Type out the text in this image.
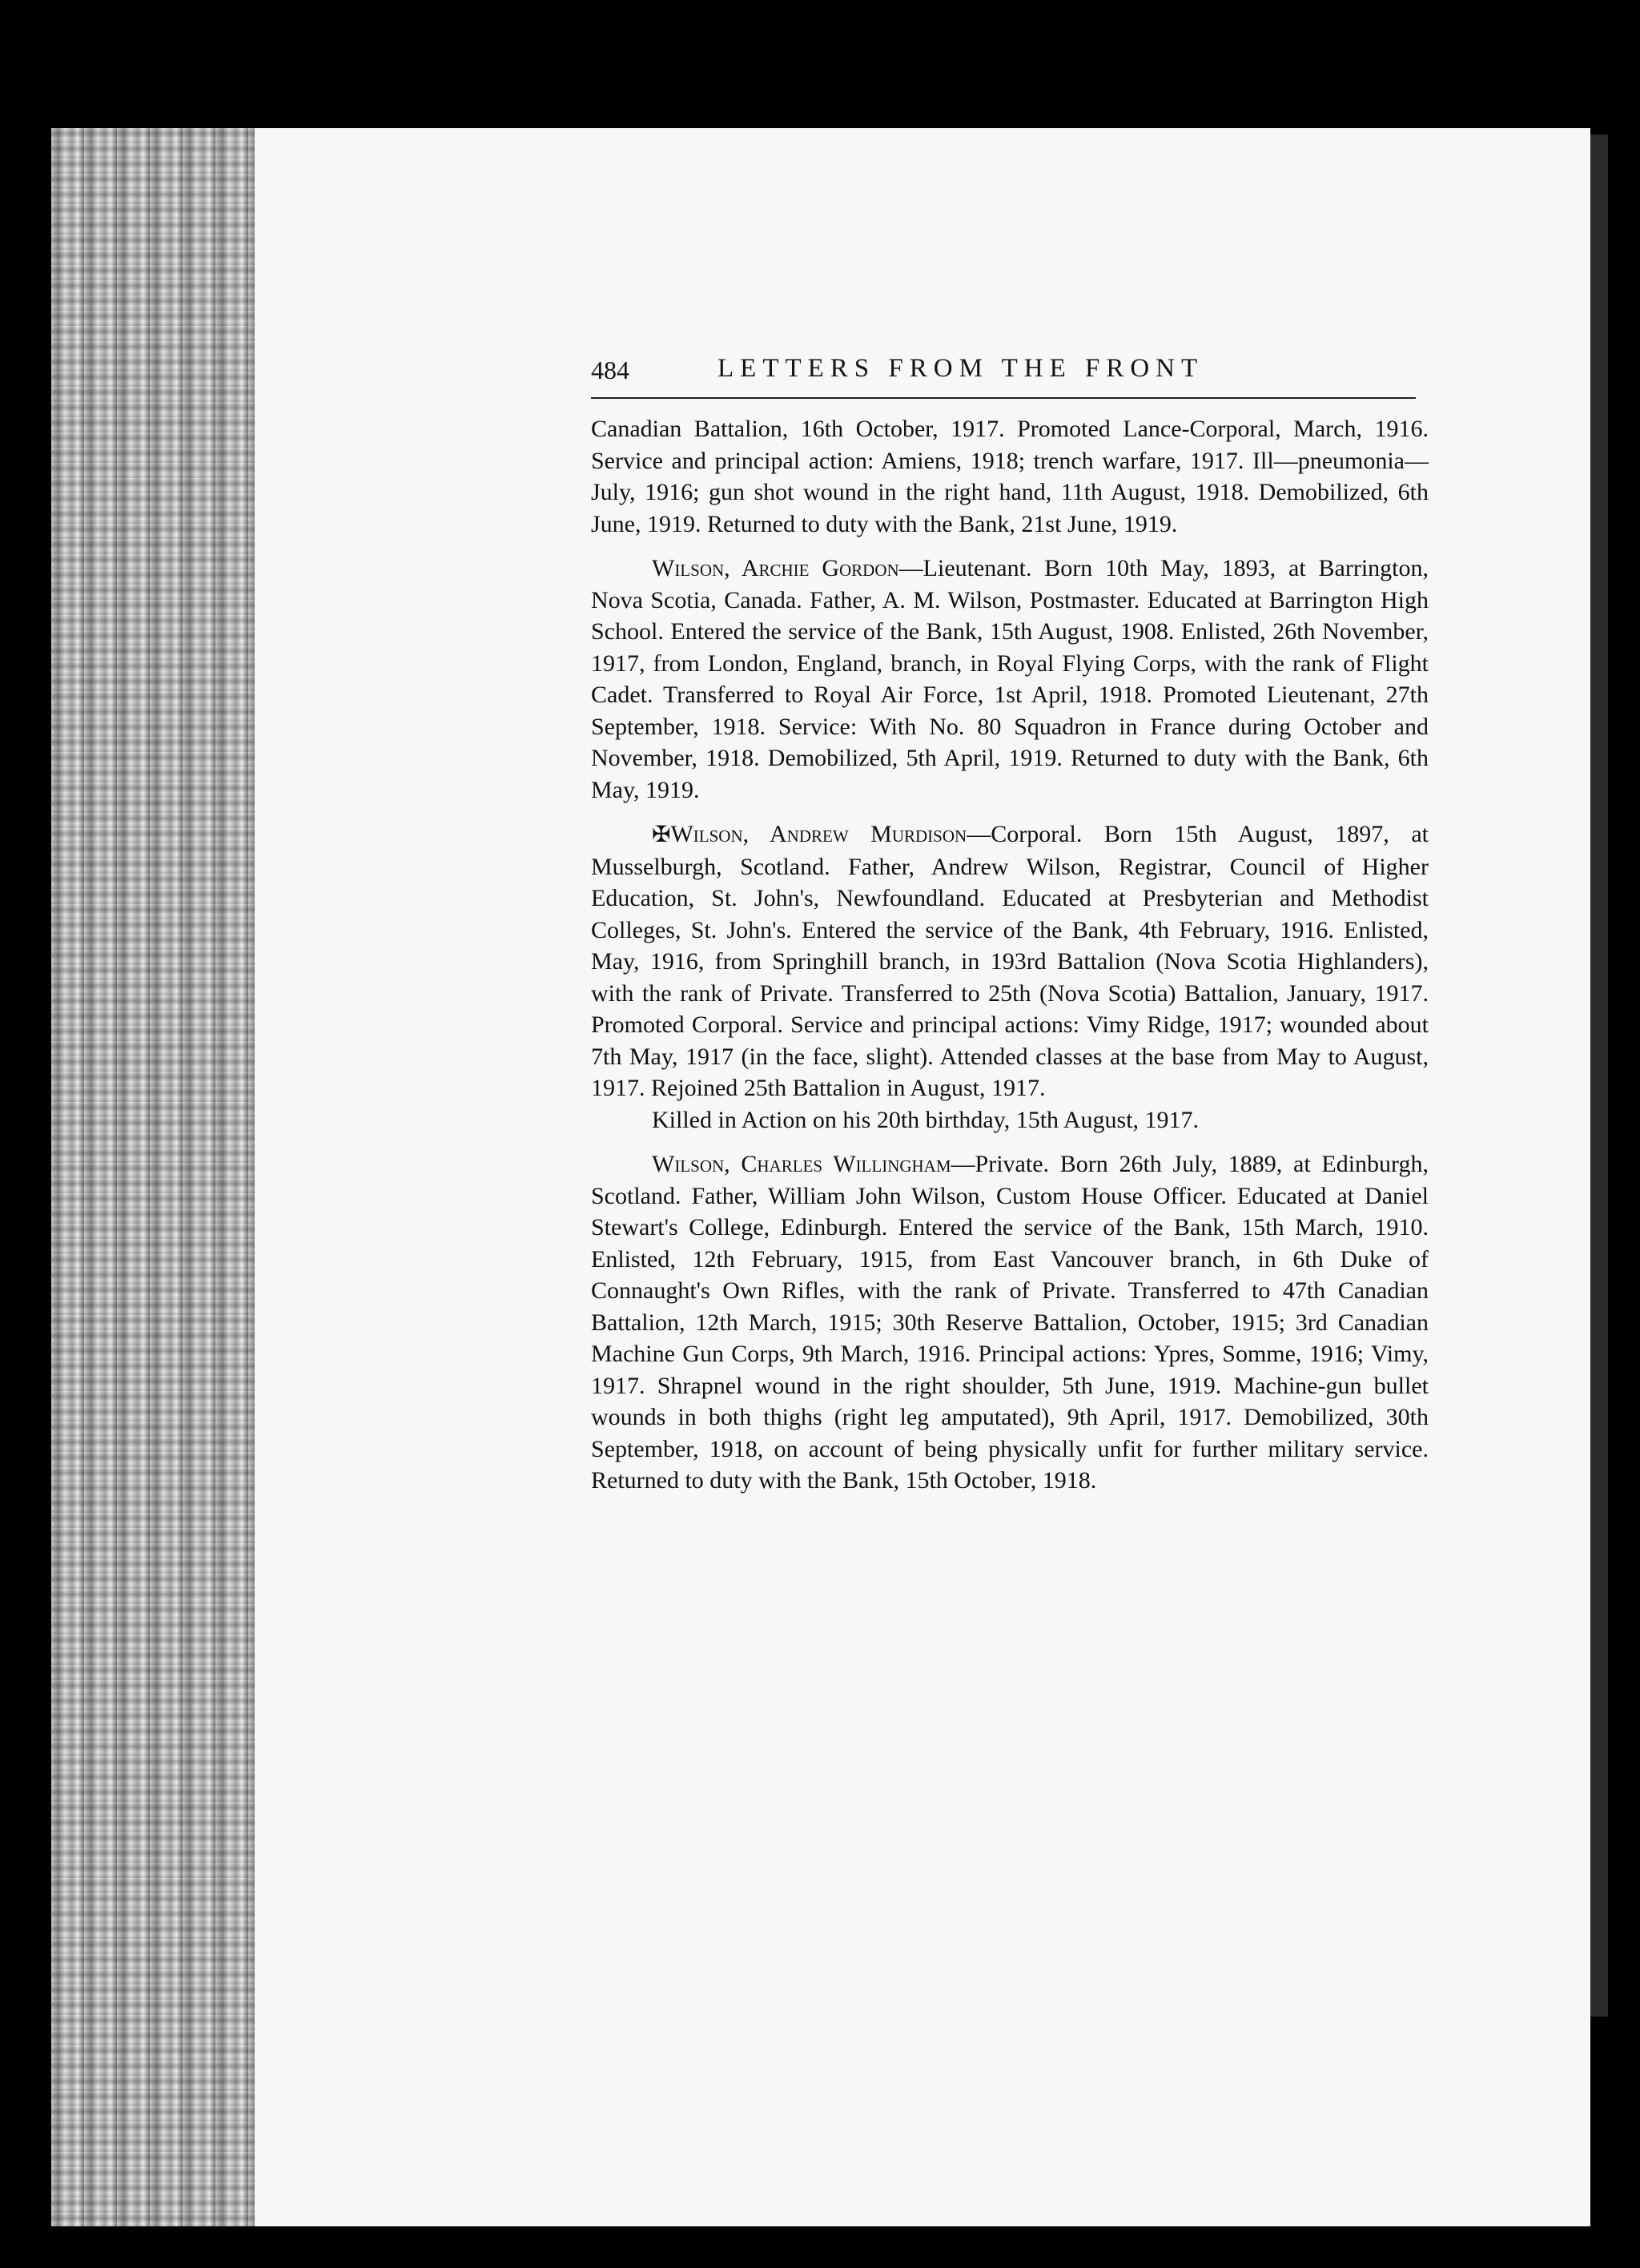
484	LETTERS FROM THE FRONT

Canadian Battalion, 16th October, 1917. Promoted Lance-Corporal, March, 1916. Service and principal action: Amiens, 1918; trench warfare, 1917. Ill—pneumonia—July, 1916; gun shot wound in the right hand, 11th August, 1918. Demobilized, 6th June, 1919. Returned to duty with the Bank, 21st June, 1919.

Wilson, Archie Gordon—Lieutenant. Born 10th May, 1893, at Barrington, Nova Scotia, Canada. Father, A. M. Wilson, Postmaster. Educated at Barrington High School. Entered the service of the Bank, 15th August, 1908. Enlisted, 26th November, 1917, from London, England, branch, in Royal Flying Corps, with the rank of Flight Cadet. Transferred to Royal Air Force, 1st April, 1918. Promoted Lieutenant, 27th September, 1918. Service: With No. 80 Squadron in France during October and November, 1918. Demobilized, 5th April, 1919. Returned to duty with the Bank, 6th May, 1919.

✠Wilson, Andrew Murdison—Corporal. Born 15th August, 1897, at Musselburgh, Scotland. Father, Andrew Wilson, Registrar, Council of Higher Education, St. John's, Newfoundland. Educated at Presbyterian and Methodist Colleges, St. John's. Entered the service of the Bank, 4th February, 1916. Enlisted, May, 1916, from Springhill branch, in 193rd Battalion (Nova Scotia Highlanders), with the rank of Private. Transferred to 25th (Nova Scotia) Battalion, January, 1917. Promoted Corporal. Service and principal actions: Vimy Ridge, 1917; wounded about 7th May, 1917 (in the face, slight). Attended classes at the base from May to August, 1917. Rejoined 25th Battalion in August, 1917.

Killed in Action on his 20th birthday, 15th August, 1917.

Wilson, Charles Willingham—Private. Born 26th July, 1889, at Edinburgh, Scotland. Father, William John Wilson, Custom House Officer. Educated at Daniel Stewart's College, Edinburgh. Entered the service of the Bank, 15th March, 1910. Enlisted, 12th February, 1915, from East Vancouver branch, in 6th Duke of Connaught's Own Rifles, with the rank of Private. Transferred to 47th Canadian Battalion, 12th March, 1915; 30th Reserve Battalion, October, 1915; 3rd Canadian Machine Gun Corps, 9th March, 1916. Principal actions: Ypres, Somme, 1916; Vimy, 1917. Shrapnel wound in the right shoulder, 5th June, 1919. Machine-gun bullet wounds in both thighs (right leg amputated), 9th April, 1917. Demobilized, 30th September, 1918, on account of being physically unfit for further military service. Returned to duty with the Bank, 15th October, 1918.
